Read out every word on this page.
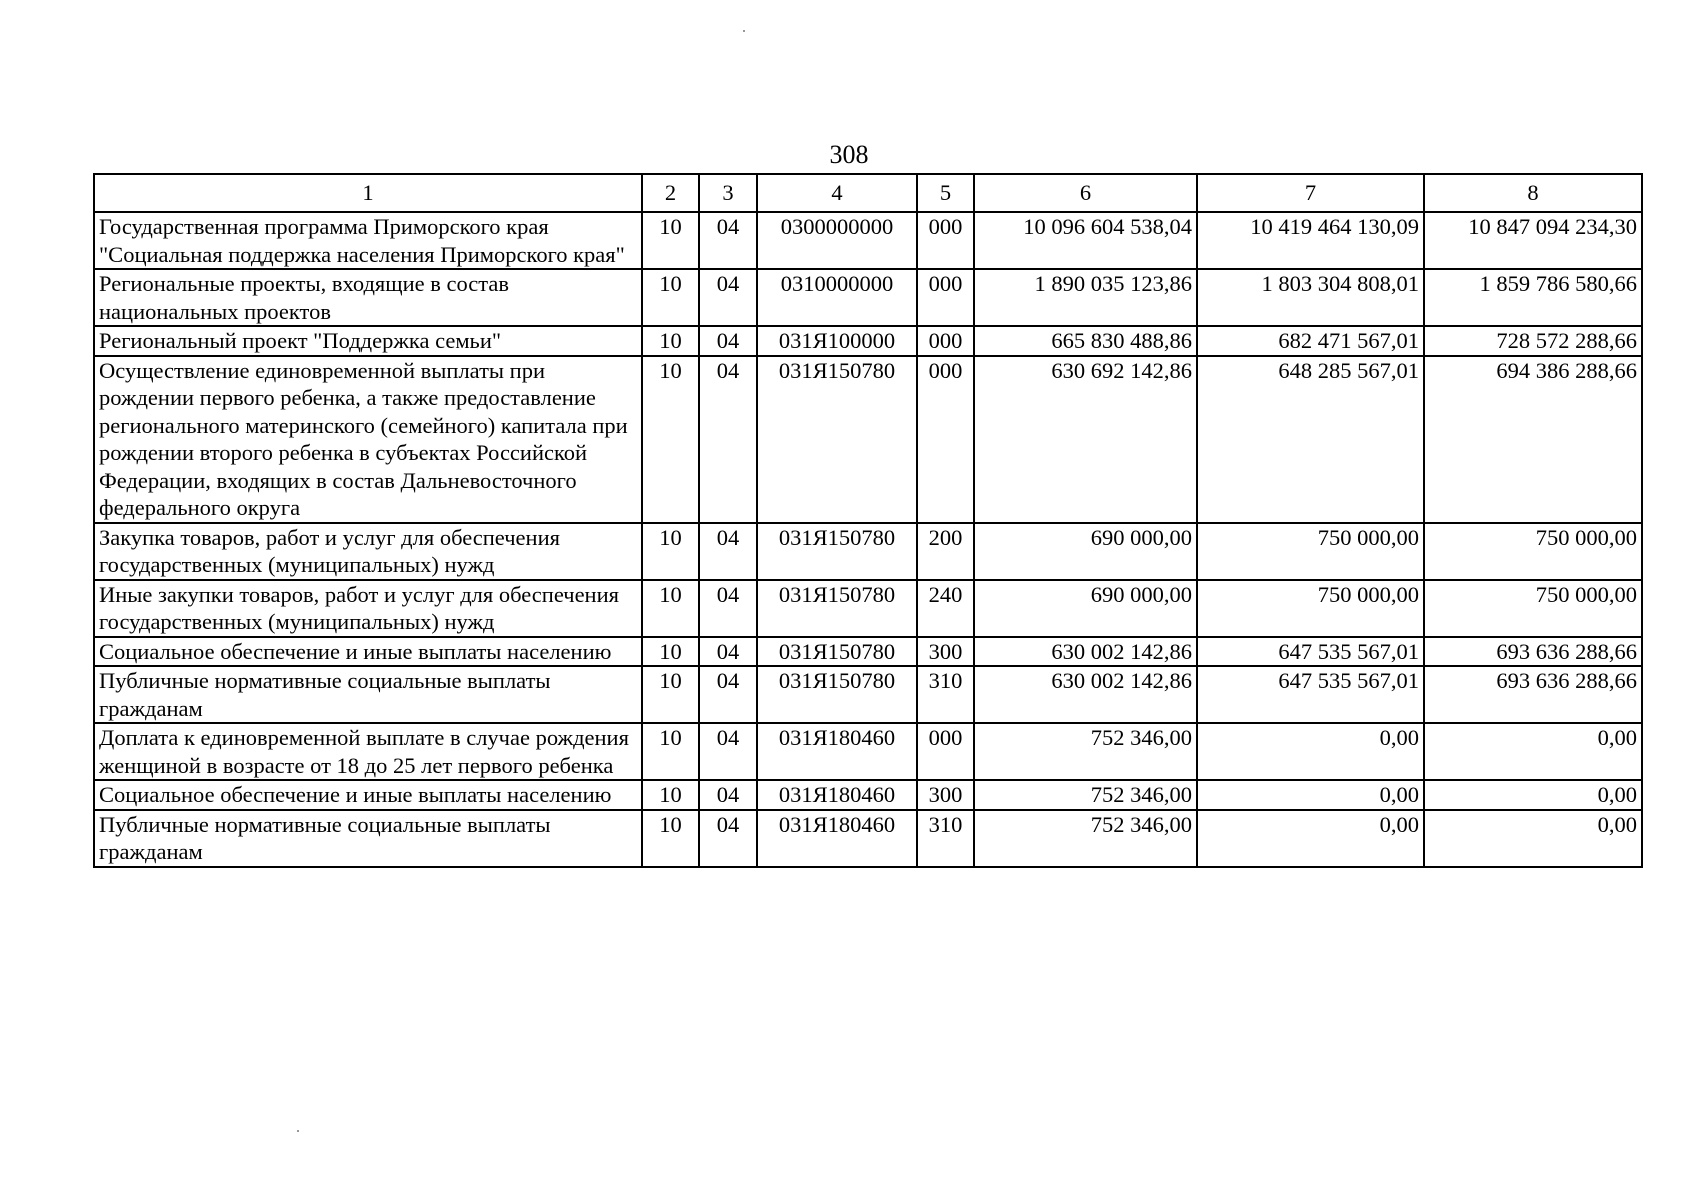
308
1	2	3	4	5	6	7	8
Государственная программа Приморского края "Социальная поддержка населения Приморского края"	10	04	0300000000	000	10 096 604 538,04	10 419 464 130,09	10 847 094 234,30
Региональные проекты, входящие в состав национальных проектов	10	04	0310000000	000	1 890 035 123,86	1 803 304 808,01	1 859 786 580,66
Региональный проект "Поддержка семьи"	10	04	031Я100000	000	665 830 488,86	682 471 567,01	728 572 288,66
Осуществление единовременной выплаты при рождении первого ребенка, а также предоставление регионального материнского (семейного) капитала при рождении второго ребенка в субъектах Российской Федерации, входящих в состав Дальневосточного федерального округа	10	04	031Я150780	000	630 692 142,86	648 285 567,01	694 386 288,66
Закупка товаров, работ и услуг для обеспечения государственных (муниципальных) нужд	10	04	031Я150780	200	690 000,00	750 000,00	750 000,00
Иные закупки товаров, работ и услуг для обеспечения государственных (муниципальных) нужд	10	04	031Я150780	240	690 000,00	750 000,00	750 000,00
Социальное обеспечение и иные выплаты населению	10	04	031Я150780	300	630 002 142,86	647 535 567,01	693 636 288,66
Публичные нормативные социальные выплаты гражданам	10	04	031Я150780	310	630 002 142,86	647 535 567,01	693 636 288,66
Доплата к единовременной выплате в случае рождения женщиной в возрасте от 18 до 25 лет первого ребенка	10	04	031Я180460	000	752 346,00	0,00	0,00
Социальное обеспечение и иные выплаты населению	10	04	031Я180460	300	752 346,00	0,00	0,00
Публичные нормативные социальные выплаты гражданам	10	04	031Я180460	310	752 346,00	0,00	0,00
